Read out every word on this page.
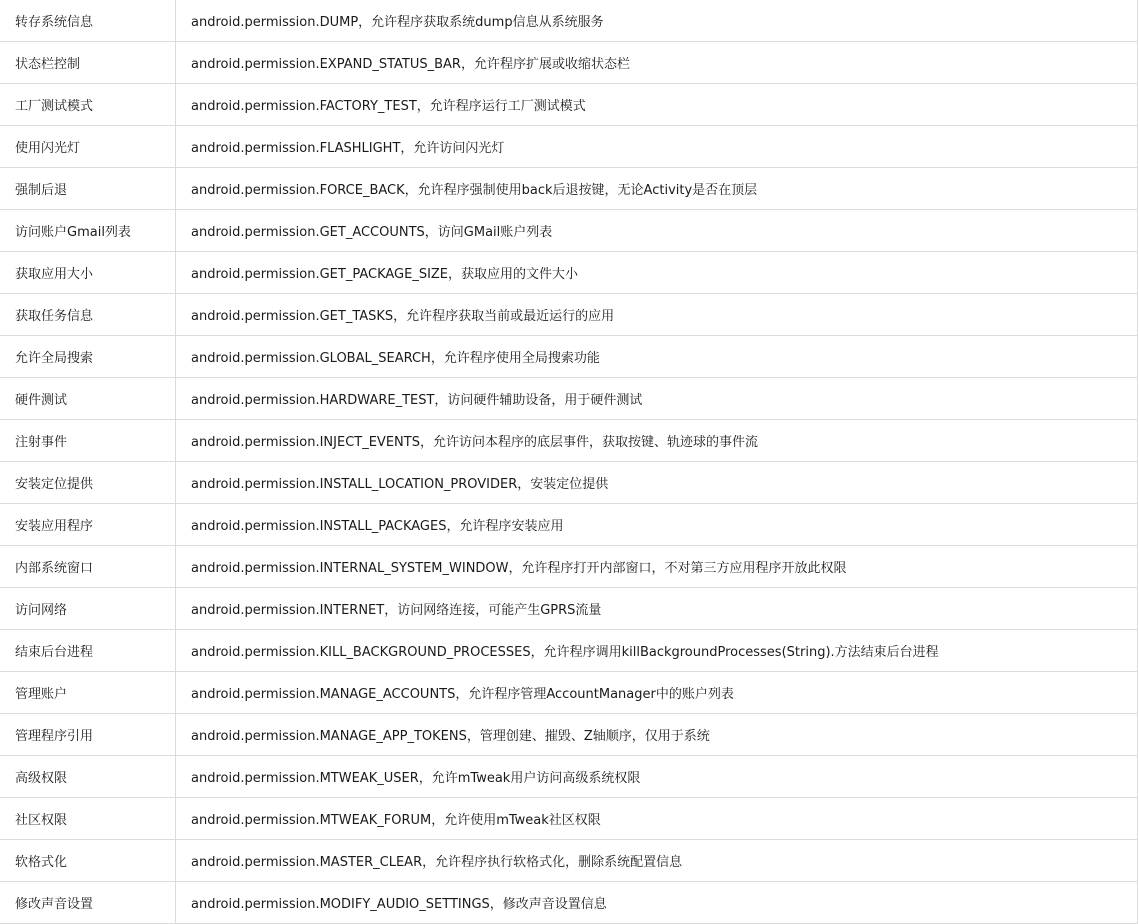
转存系统信息	android.permission.DUMP，允许程序获取系统dump信息从系统服务
状态栏控制	android.permission.EXPAND_STATUS_BAR，允许程序扩展或收缩状态栏
工厂测试模式	android.permission.FACTORY_TEST，允许程序运行工厂测试模式
使用闪光灯	android.permission.FLASHLIGHT，允许访问闪光灯
强制后退	android.permission.FORCE_BACK，允许程序强制使用back后退按键，无论Activity是否在顶层
访问账户Gmail列表	android.permission.GET_ACCOUNTS，访问GMail账户列表
获取应用大小	android.permission.GET_PACKAGE_SIZE，获取应用的文件大小
获取任务信息	android.permission.GET_TASKS，允许程序获取当前或最近运行的应用
允许全局搜索	android.permission.GLOBAL_SEARCH，允许程序使用全局搜索功能
硬件测试	android.permission.HARDWARE_TEST，访问硬件辅助设备，用于硬件测试
注射事件	android.permission.INJECT_EVENTS，允许访问本程序的底层事件，获取按键、轨迹球的事件流
安装定位提供	android.permission.INSTALL_LOCATION_PROVIDER，安装定位提供
安装应用程序	android.permission.INSTALL_PACKAGES，允许程序安装应用
内部系统窗口	android.permission.INTERNAL_SYSTEM_WINDOW，允许程序打开内部窗口，不对第三方应用程序开放此权限
访问网络	android.permission.INTERNET，访问网络连接，可能产生GPRS流量
结束后台进程	android.permission.KILL_BACKGROUND_PROCESSES，允许程序调用killBackgroundProcesses(String).方法结束后台进程
管理账户	android.permission.MANAGE_ACCOUNTS，允许程序管理AccountManager中的账户列表
管理程序引用	android.permission.MANAGE_APP_TOKENS，管理创建、摧毁、Z轴顺序，仅用于系统
高级权限	android.permission.MTWEAK_USER，允许mTweak用户访问高级系统权限
社区权限	android.permission.MTWEAK_FORUM，允许使用mTweak社区权限
软格式化	android.permission.MASTER_CLEAR，允许程序执行软格式化，删除系统配置信息
修改声音设置	android.permission.MODIFY_AUDIO_SETTINGS，修改声音设置信息
